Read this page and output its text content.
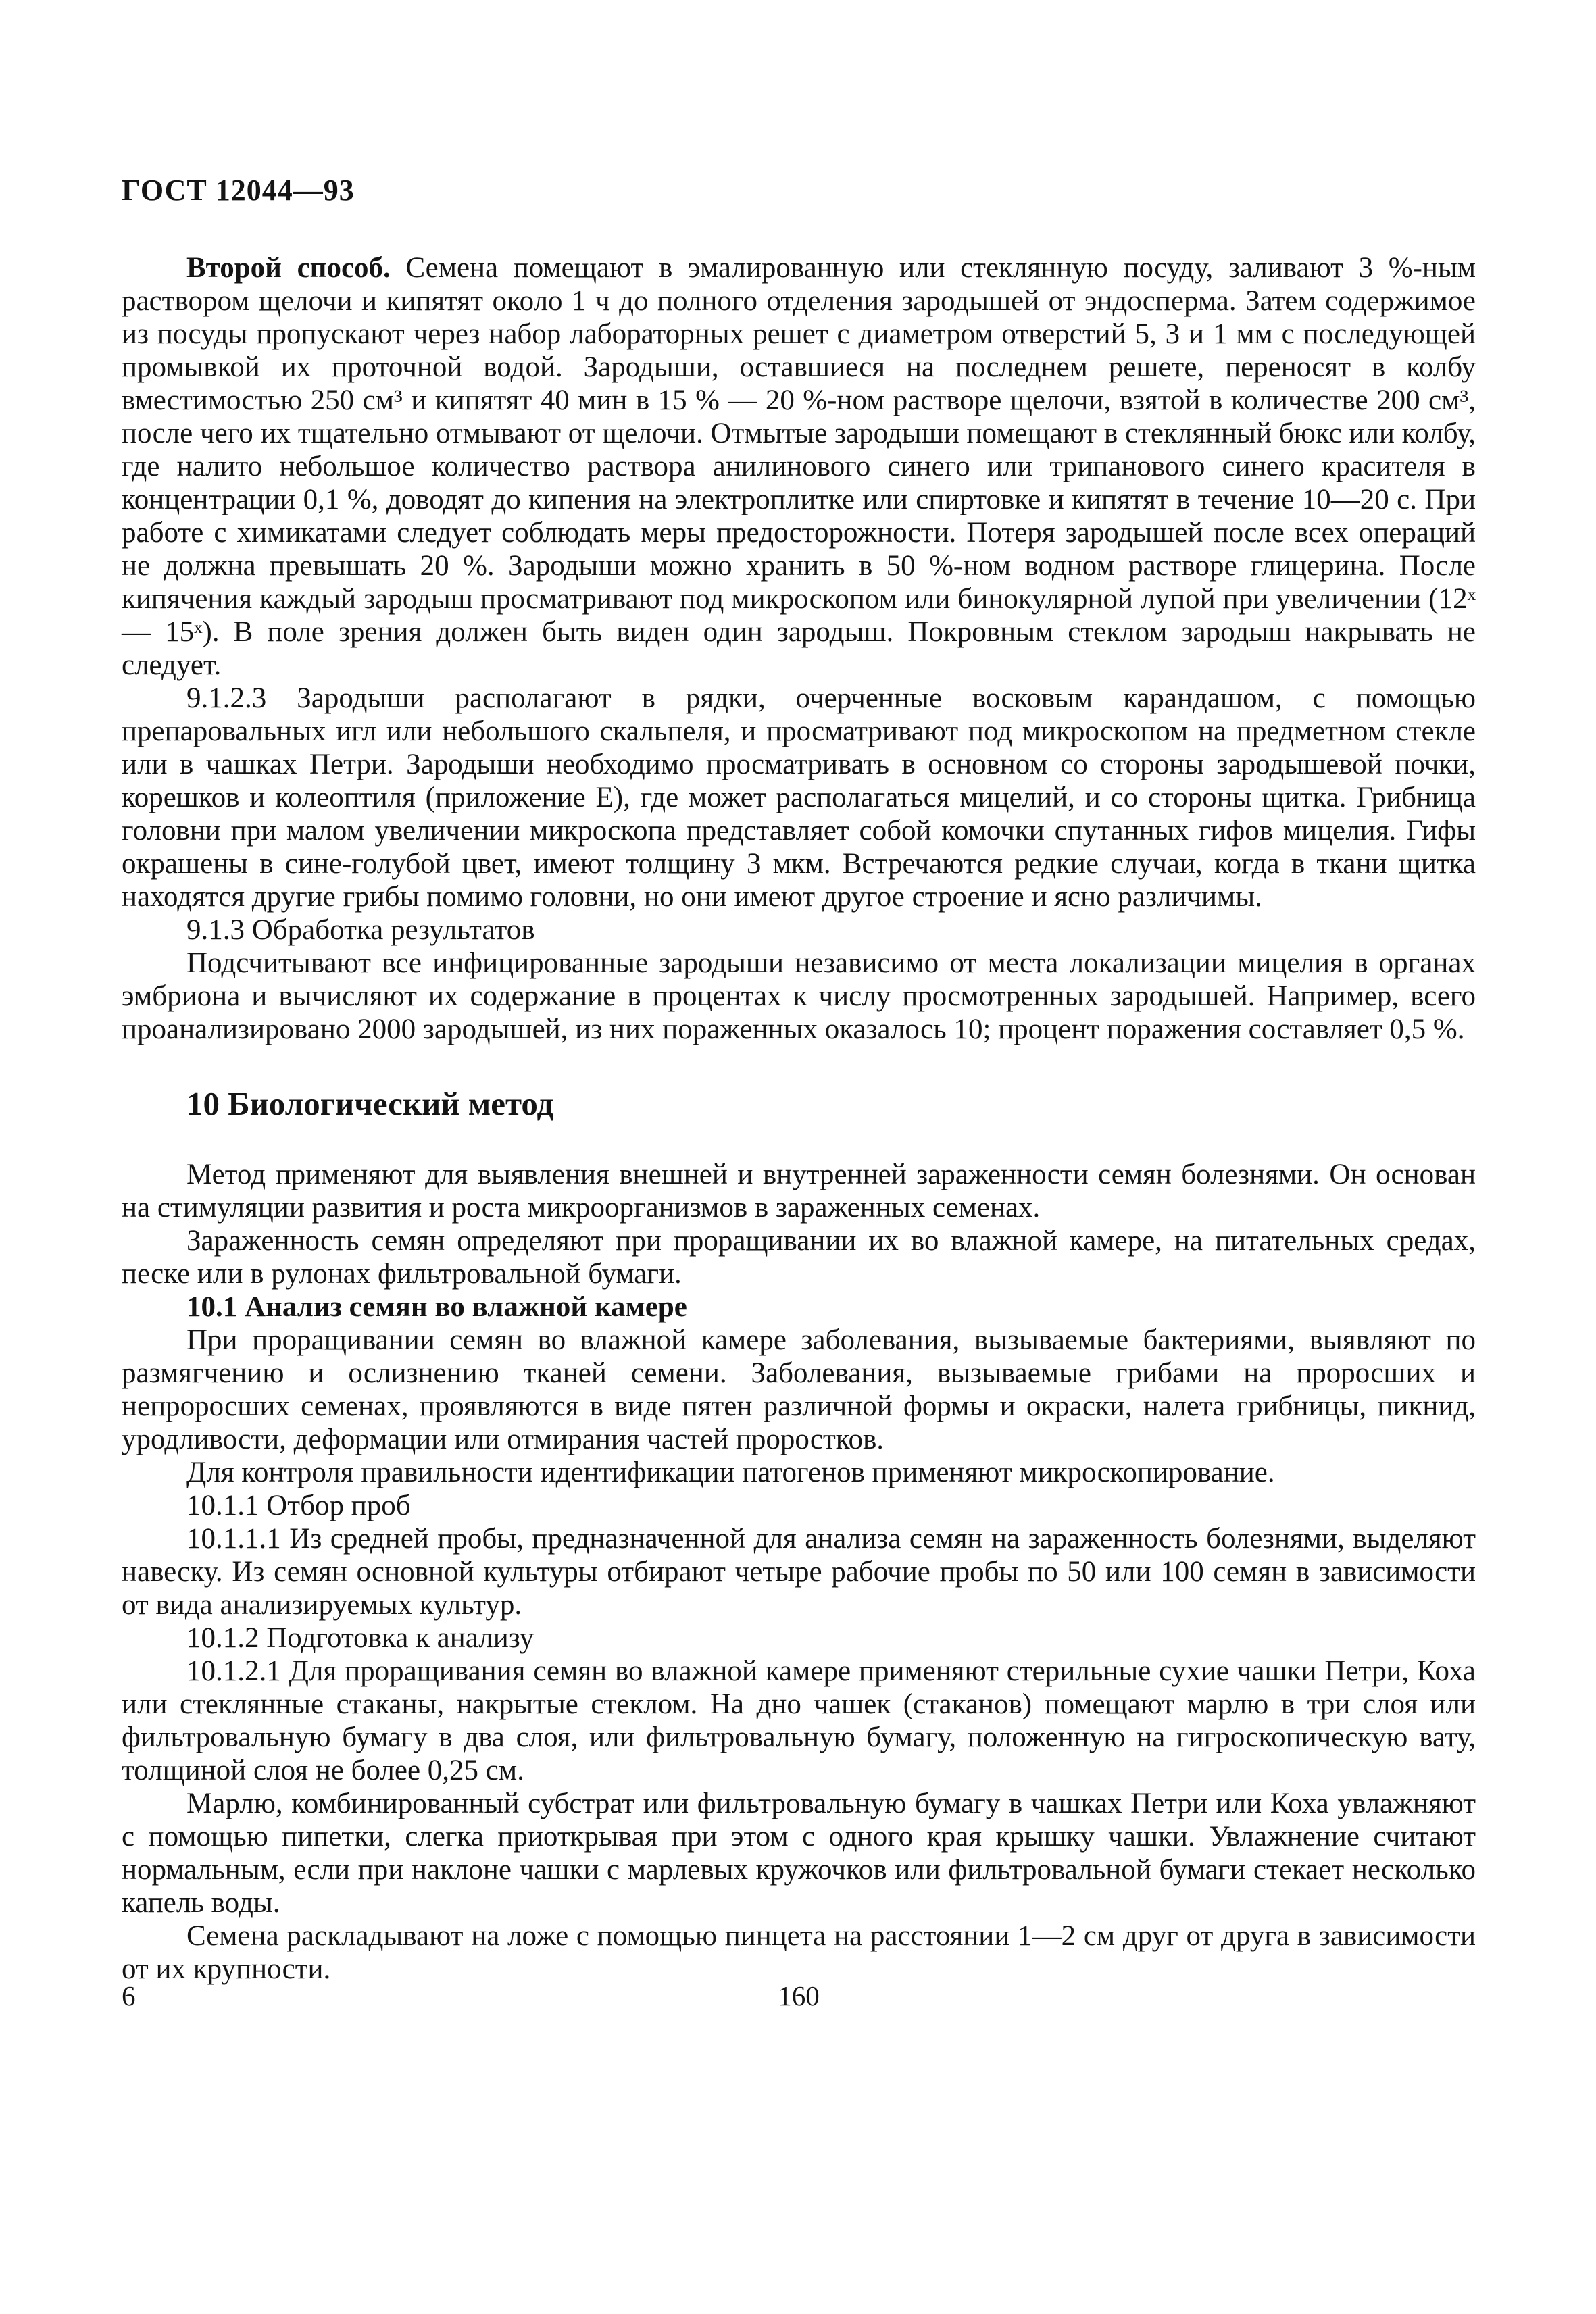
ГОСТ 12044—93

Второй способ. Семена помещают в эмалированную или стеклянную посуду, заливают 3 %-ным раствором щелочи и кипятят около 1 ч до полного отделения зародышей от эндосперма. Затем содержимое из посуды пропускают через набор лабораторных решет с диаметром отверстий 5, 3 и 1 мм с последующей промывкой их проточной водой. Зародыши, оставшиеся на последнем решете, переносят в колбу вместимостью 250 см³ и кипятят 40 мин в 15 % — 20 %-ном растворе щелочи, взятой в количестве 200 см³, после чего их тщательно отмывают от щелочи. Отмытые зародыши помещают в стеклянный бюкс или колбу, где налито небольшое количество раствора анилинового синего или трипанового синего красителя в концентрации 0,1 %, доводят до кипения на электроплитке или спиртовке и кипятят в течение 10—20 с. При работе с химикатами следует соблюдать меры предосторожности. Потеря зародышей после всех операций не должна превышать 20 %. Зародыши можно хранить в 50 %-ном водном растворе глицерина. После кипячения каждый зародыш просматривают под микроскопом или бинокулярной лупой при увеличении (12ˣ — 15ˣ). В поле зрения должен быть виден один зародыш. Покровным стеклом зародыш накрывать не следует.

9.1.2.3 Зародыши располагают в рядки, очерченные восковым карандашом, с помощью препаровальных игл или небольшого скальпеля, и просматривают под микроскопом на предметном стекле или в чашках Петри. Зародыши необходимо просматривать в основном со стороны зародышевой почки, корешков и колеоптиля (приложение Е), где может располагаться мицелий, и со стороны щитка. Грибница головни при малом увеличении микроскопа представляет собой комочки спутанных гифов мицелия. Гифы окрашены в сине-голубой цвет, имеют толщину 3 мкм. Встречаются редкие случаи, когда в ткани щитка находятся другие грибы помимо головни, но они имеют другое строение и ясно различимы.

9.1.3 Обработка результатов

Подсчитывают все инфицированные зародыши независимо от места локализации мицелия в органах эмбриона и вычисляют их содержание в процентах к числу просмотренных зародышей. Например, всего проанализировано 2000 зародышей, из них пораженных оказалось 10; процент поражения составляет 0,5 %.

10 Биологический метод

Метод применяют для выявления внешней и внутренней зараженности семян болезнями. Он основан на стимуляции развития и роста микроорганизмов в зараженных семенах.

Зараженность семян определяют при проращивании их во влажной камере, на питательных средах, песке или в рулонах фильтровальной бумаги.

10.1 Анализ семян во влажной камере

При проращивании семян во влажной камере заболевания, вызываемые бактериями, выявляют по размягчению и ослизнению тканей семени. Заболевания, вызываемые грибами на проросших и непроросших семенах, проявляются в виде пятен различной формы и окраски, налета грибницы, пикнид, уродливости, деформации или отмирания частей проростков.

Для контроля правильности идентификации патогенов применяют микроскопирование.

10.1.1 Отбор проб

10.1.1.1 Из средней пробы, предназначенной для анализа семян на зараженность болезнями, выделяют навеску. Из семян основной культуры отбирают четыре рабочие пробы по 50 или 100 семян в зависимости от вида анализируемых культур.

10.1.2 Подготовка к анализу

10.1.2.1 Для проращивания семян во влажной камере применяют стерильные сухие чашки Петри, Коха или стеклянные стаканы, накрытые стеклом. На дно чашек (стаканов) помещают марлю в три слоя или фильтровальную бумагу в два слоя, или фильтровальную бумагу, положенную на гигроскопическую вату, толщиной слоя не более 0,25 см.

Марлю, комбинированный субстрат или фильтровальную бумагу в чашках Петри или Коха увлажняют с помощью пипетки, слегка приоткрывая при этом с одного края крышку чашки. Увлажнение считают нормальным, если при наклоне чашки с марлевых кружочков или фильтровальной бумаги стекает несколько капель воды.

Семена раскладывают на ложе с помощью пинцета на расстоянии 1—2 см друг от друга в зависимости от их крупности.

6	160
